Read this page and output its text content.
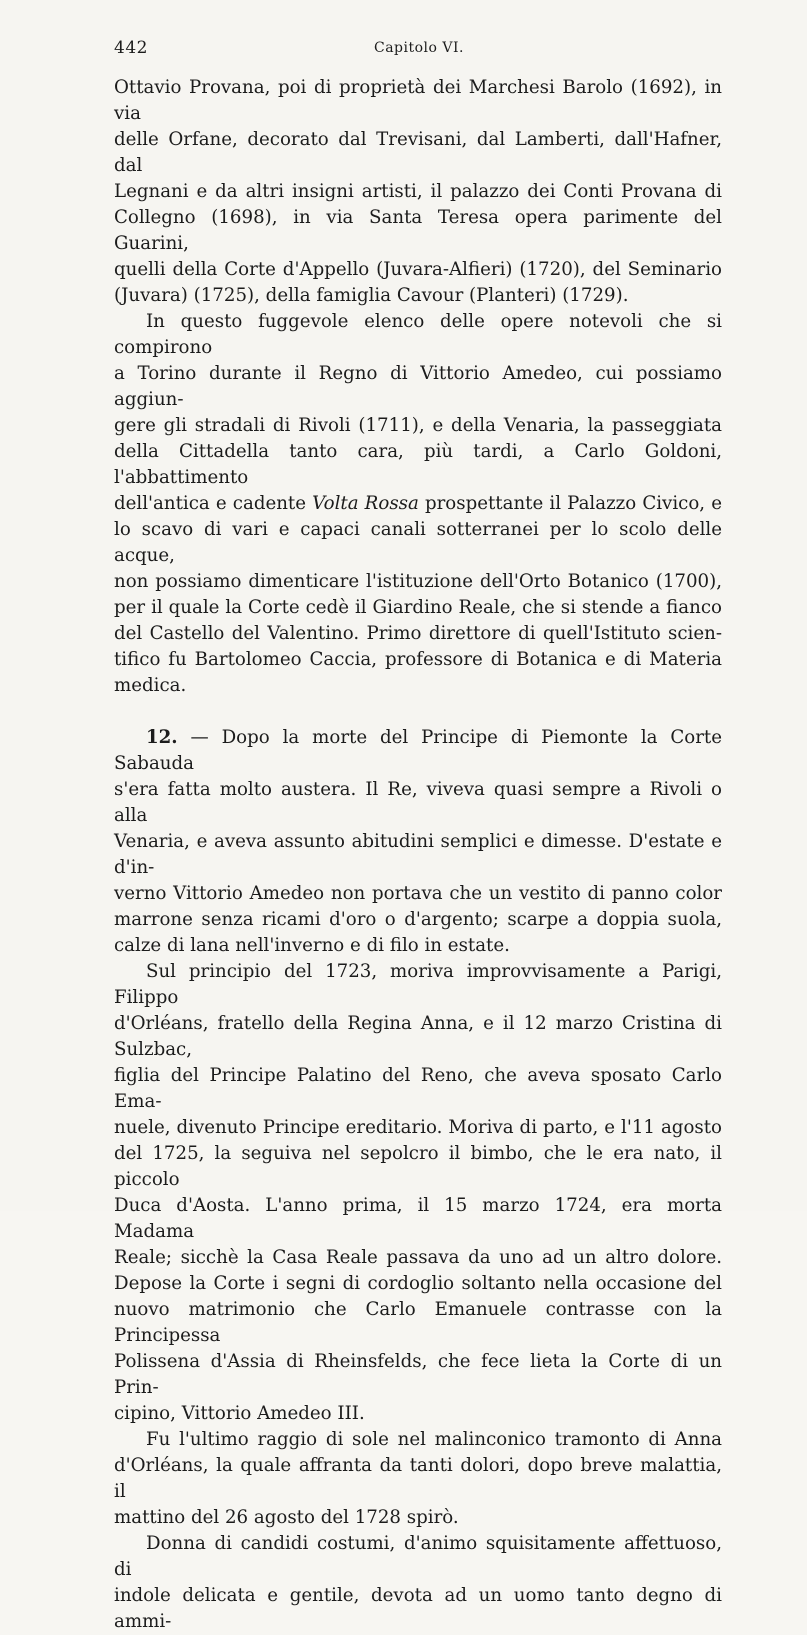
442	Capitolo VI.

Ottavio Provana, poi di proprietà dei Marchesi Barolo (1692), in via
delle Orfane, decorato dal Trevisani, dal Lamberti, dall'Hafner, dal
Legnani e da altri insigni artisti, il palazzo dei Conti Provana di
Collegno (1698), in via Santa Teresa opera parimente del Guarini,
quelli della Corte d'Appello (Juvara-Alfieri) (1720), del Seminario
(Juvara) (1725), della famiglia Cavour (Planteri) (1729).

In questo fuggevole elenco delle opere notevoli che si compirono
a Torino durante il Regno di Vittorio Amedeo, cui possiamo aggiun-
gere gli stradali di Rivoli (1711), e della Venaria, la passeggiata
della Cittadella tanto cara, più tardi, a Carlo Goldoni, l'abbattimento
dell'antica e cadente Volta Rossa prospettante il Palazzo Civico, e
lo scavo di vari e capaci canali sotterranei per lo scolo delle acque,
non possiamo dimenticare l'istituzione dell'Orto Botanico (1700),
per il quale la Corte cedè il Giardino Reale, che si stende a fianco
del Castello del Valentino. Primo direttore di quell'Istituto scien-
tifico fu Bartolomeo Caccia, professore di Botanica e di Materia
medica.

12. — Dopo la morte del Principe di Piemonte la Corte Sabauda
s'era fatta molto austera. Il Re, viveva quasi sempre a Rivoli o alla
Venaria, e aveva assunto abitudini semplici e dimesse. D'estate e d'in-
verno Vittorio Amedeo non portava che un vestito di panno color
marrone senza ricami d'oro o d'argento; scarpe a doppia suola,
calze di lana nell'inverno e di filo in estate.

Sul principio del 1723, moriva improvvisamente a Parigi, Filippo
d'Orléans, fratello della Regina Anna, e il 12 marzo Cristina di Sulzbac,
figlia del Principe Palatino del Reno, che aveva sposato Carlo Ema-
nuele, divenuto Principe ereditario. Moriva di parto, e l'11 agosto
del 1725, la seguiva nel sepolcro il bimbo, che le era nato, il piccolo
Duca d'Aosta. L'anno prima, il 15 marzo 1724, era morta Madama
Reale; sicchè la Casa Reale passava da uno ad un altro dolore.
Depose la Corte i segni di cordoglio soltanto nella occasione del
nuovo matrimonio che Carlo Emanuele contrasse con la Principessa
Polissena d'Assia di Rheinsfelds, che fece lieta la Corte di un Prin-
cipino, Vittorio Amedeo III.

Fu l'ultimo raggio di sole nel malinconico tramonto di Anna
d'Orléans, la quale affranta da tanti dolori, dopo breve malattia, il
mattino del 26 agosto del 1728 spirò.

Donna di candidi costumi, d'animo squisitamente affettuoso, di
indole delicata e gentile, devota ad un uomo tanto degno di ammi-
